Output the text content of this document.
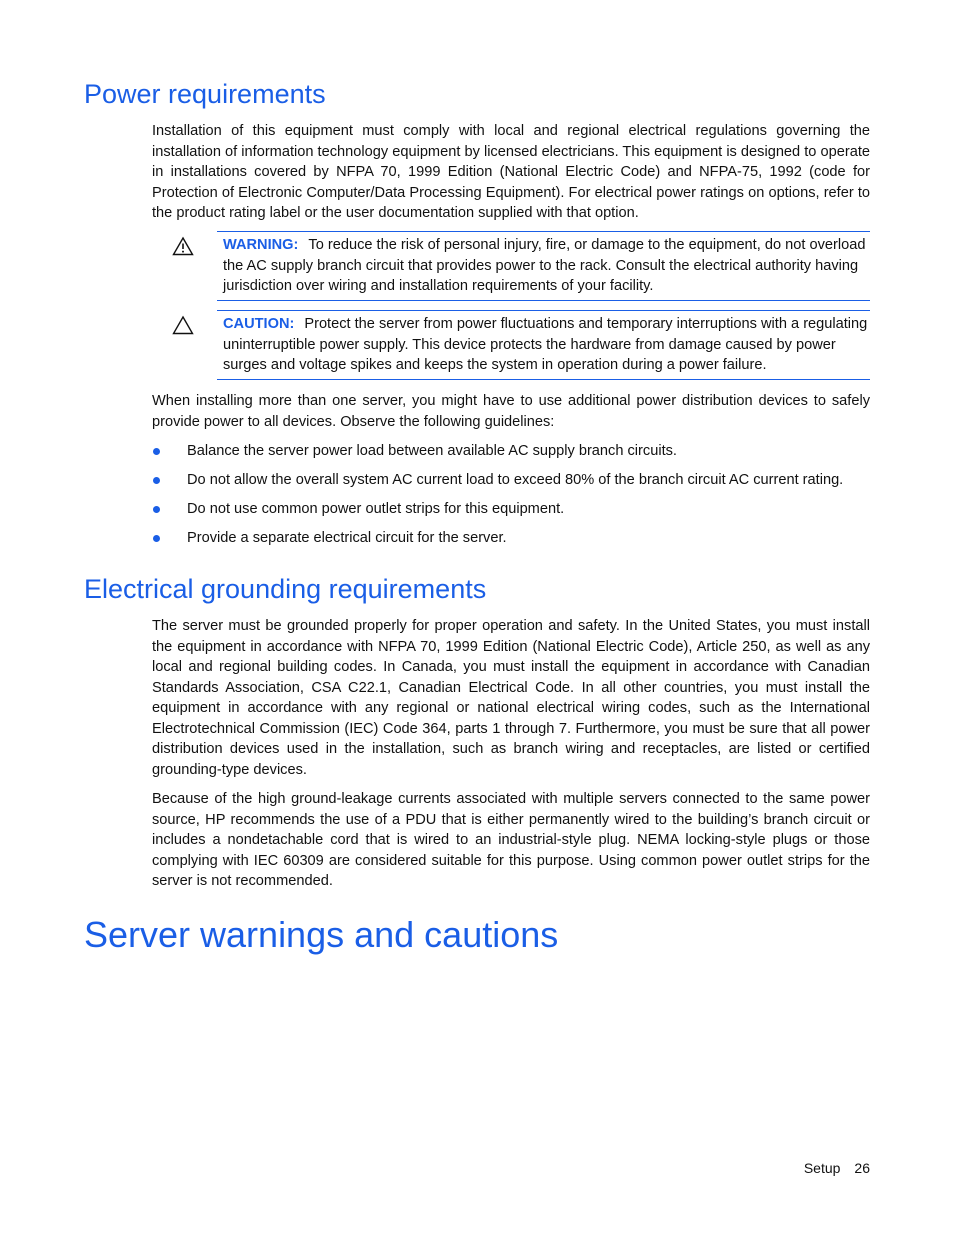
Power requirements

Installation of this equipment must comply with local and regional electrical regulations governing the installation of information technology equipment by licensed electricians. This equipment is designed to operate in installations covered by NFPA 70, 1999 Edition (National Electric Code) and NFPA-75, 1992 (code for Protection of Electronic Computer/Data Processing Equipment). For electrical power ratings on options, refer to the product rating label or the user documentation supplied with that option.

WARNING: To reduce the risk of personal injury, fire, or damage to the equipment, do not overload the AC supply branch circuit that provides power to the rack. Consult the electrical authority having jurisdiction over wiring and installation requirements of your facility.

CAUTION: Protect the server from power fluctuations and temporary interruptions with a regulating uninterruptible power supply. This device protects the hardware from damage caused by power surges and voltage spikes and keeps the system in operation during a power failure.

When installing more than one server, you might have to use additional power distribution devices to safely provide power to all devices. Observe the following guidelines:

Balance the server power load between available AC supply branch circuits.
Do not allow the overall system AC current load to exceed 80% of the branch circuit AC current rating.
Do not use common power outlet strips for this equipment.
Provide a separate electrical circuit for the server.
Electrical grounding requirements

The server must be grounded properly for proper operation and safety. In the United States, you must install the equipment in accordance with NFPA 70, 1999 Edition (National Electric Code), Article 250, as well as any local and regional building codes. In Canada, you must install the equipment in accordance with Canadian Standards Association, CSA C22.1, Canadian Electrical Code. In all other countries, you must install the equipment in accordance with any regional or national electrical wiring codes, such as the International Electrotechnical Commission (IEC) Code 364, parts 1 through 7. Furthermore, you must be sure that all power distribution devices used in the installation, such as branch wiring and receptacles, are listed or certified grounding-type devices.

Because of the high ground-leakage currents associated with multiple servers connected to the same power source, HP recommends the use of a PDU that is either permanently wired to the building’s branch circuit or includes a nondetachable cord that is wired to an industrial-style plug. NEMA locking-style plugs or those complying with IEC 60309 are considered suitable for this purpose. Using common power outlet strips for the server is not recommended.

Server warnings and cautions
Setup 26
